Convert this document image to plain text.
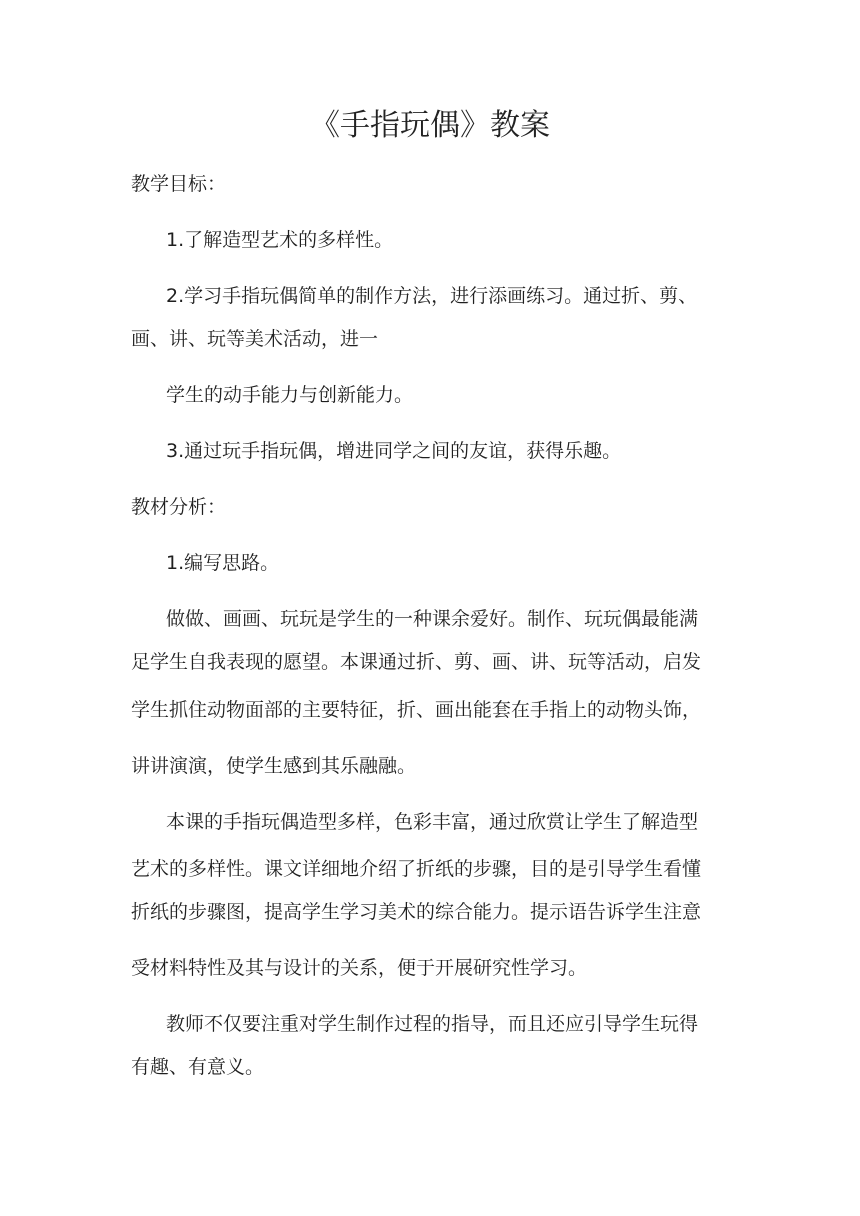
《手指玩偶》教案

教学目标：

1.了解造型艺术的多样性。

2.学习手指玩偶简单的制作方法，进行添画练习。通过折、剪、

画、讲、玩等美术活动，进一

学生的动手能力与创新能力。

3.通过玩手指玩偶，增进同学之间的友谊，获得乐趣。

教材分析：

1.编写思路。

做做、画画、玩玩是学生的一种课余爱好。制作、玩玩偶最能满

足学生自我表现的愿望。本课通过折、剪、画、讲、玩等活动，启发

学生抓住动物面部的主要特征，折、画出能套在手指上的动物头饰，

讲讲演演，使学生感到其乐融融。

本课的手指玩偶造型多样，色彩丰富，通过欣赏让学生了解造型

艺术的多样性。课文详细地介绍了折纸的步骤，目的是引导学生看懂

折纸的步骤图，提高学生学习美术的综合能力。提示语告诉学生注意

受材料特性及其与设计的关系，便于开展研究性学习。

教师不仅要注重对学生制作过程的指导，而且还应引导学生玩得

有趣、有意义。
